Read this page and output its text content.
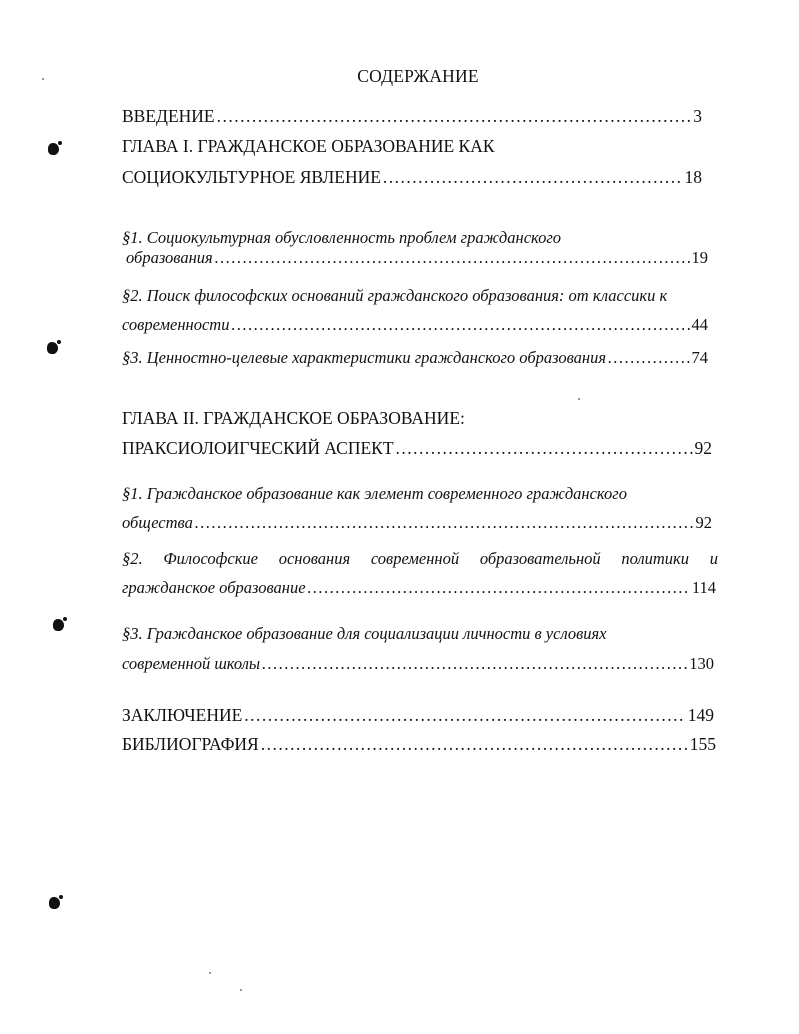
СОДЕРЖАНИЕ
ВВЕДЕНИЕ .....	3
ГЛАВА I. ГРАЖДАНСКОЕ ОБРАЗОВАНИЕ КАК
СОЦИОКУЛЬТУРНОЕ ЯВЛЕНИЕ .....	18
§1. Социокультурная обусловленность проблем гражданского
образования .....	19
§2. Поиск философских оснований гражданского образования: от классики к
современности .....	44
§3. Ценностно-целевые характеристики гражданского образования .....	74
ГЛАВА II. ГРАЖДАНСКОЕ ОБРАЗОВАНИЕ:
ПРАКСИОЛОИГЧЕСКИЙ АСПЕКТ .....	92
§1. Гражданское образование как элемент современного гражданского
общества .....	92
§2. Философские основания современной образовательной политики и
гражданское образование .....	114
§3. Гражданское образование для социализации личности в условиях
современной школы .....	130
ЗАКЛЮЧЕНИЕ .....	149
БИБЛИОГРАФИЯ .....	155
